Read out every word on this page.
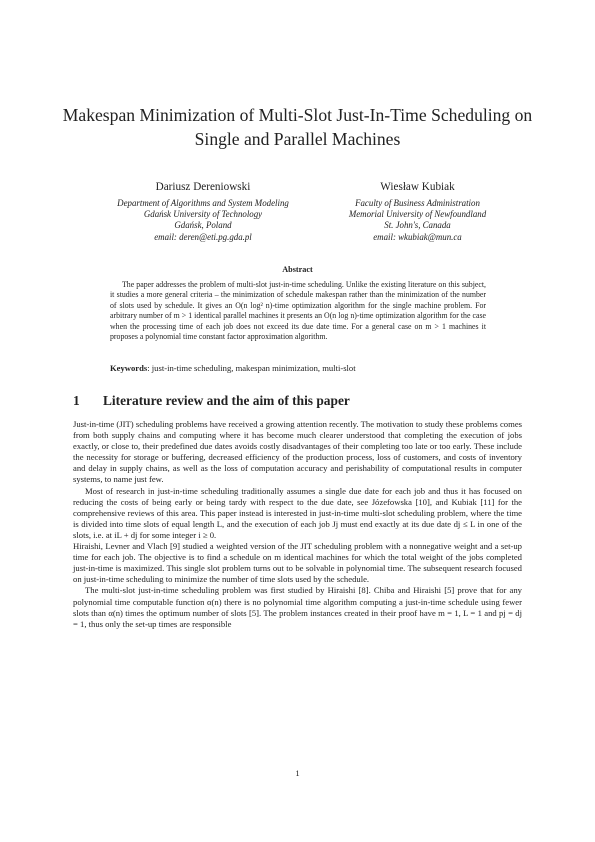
Makespan Minimization of Multi-Slot Just-In-Time Scheduling on
Single and Parallel Machines
Dariusz Dereniowski
Department of Algorithms and System Modeling
Gdańsk University of Technology
Gdańsk, Poland
email: deren@eti.pg.gda.pl
Wiesław Kubiak
Faculty of Business Administration
Memorial University of Newfoundland
St. John's, Canada
email: wkubiak@mun.ca
Abstract
The paper addresses the problem of multi-slot just-in-time scheduling. Unlike the existing literature on this subject, it studies a more general criteria – the minimization of schedule makespan rather than the minimization of the number of slots used by schedule. It gives an O(n log² n)-time optimization algorithm for the single machine problem. For arbitrary number of m > 1 identical parallel machines it presents an O(n log n)-time optimization algorithm for the case when the processing time of each job does not exceed its due date time. For a general case on m > 1 machines it proposes a polynomial time constant factor approximation algorithm.
Keywords: just-in-time scheduling, makespan minimization, multi-slot
1 Literature review and the aim of this paper

Just-in-time (JIT) scheduling problems have received a growing attention recently. The motivation to study these problems comes from both supply chains and computing where it has become much clearer understood that completing the execution of jobs exactly, or close to, their predefined due dates avoids costly disadvantages of their completing too late or too early. These include the necessity for storage or buffering, decreased efficiency of the production process, loss of customers, and costs of inventory and delay in supply chains, as well as the loss of computation accuracy and perishability of computational results in computer systems, to name just few.

Most of research in just-in-time scheduling traditionally assumes a single due date for each job and thus it has focused on reducing the costs of being early or being tardy with respect to the due date, see Józefowska [10], and Kubiak [11] for the comprehensive reviews of this area. This paper instead is interested in just-in-time multi-slot scheduling problem, where the time is divided into time slots of equal length L, and the execution of each job Jj must end exactly at its due date dj ≤ L in one of the slots, i.e. at iL + dj for some integer i ≥ 0.

Hiraishi, Levner and Vlach [9] studied a weighted version of the JIT scheduling problem with a nonnegative weight and a set-up time for each job. The objective is to find a schedule on m identical machines for which the total weight of the jobs completed just-in-time is maximized. This single slot problem turns out to be solvable in polynomial time. The subsequent research focused on just-in-time scheduling to minimize the number of time slots used by the schedule.

The multi-slot just-in-time scheduling problem was first studied by Hiraishi [8]. Chiba and Hiraishi [5] prove that for any polynomial time computable function α(n) there is no polynomial time algorithm computing a just-in-time schedule using fewer slots than α(n) times the optimum number of slots [5]. The problem instances created in their proof have m = 1, L = 1 and pj = dj = 1, thus only the set-up times are responsible

1
